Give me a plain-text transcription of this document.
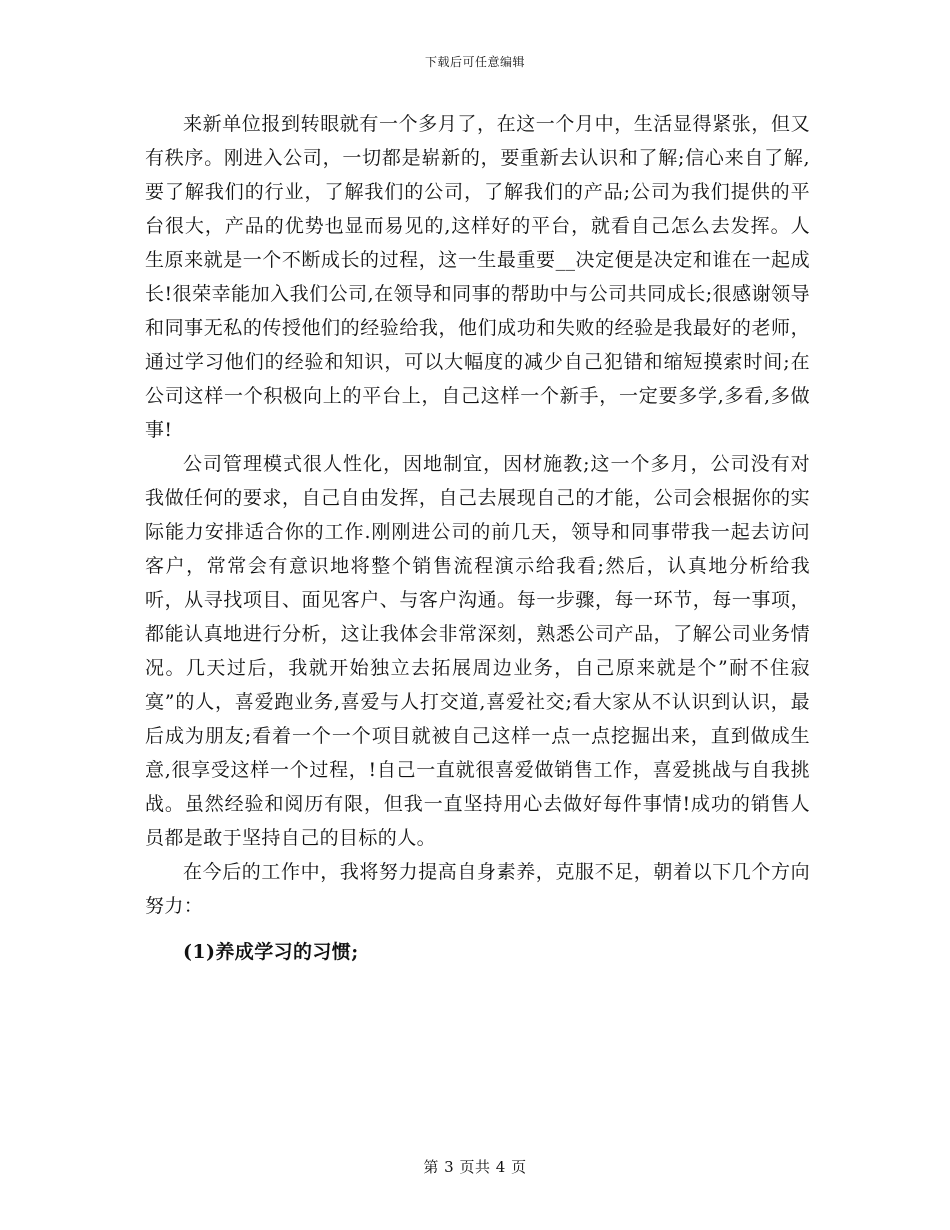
下载后可任意编辑

来新单位报到转眼就有一个多月了，在这一个月中，生活显得紧张，但又有秩序。刚进入公司，一切都是崭新的，要重新去认识和了解;信心来自了解,要了解我们的行业，了解我们的公司，了解我们的产品;公司为我们提供的平台很大，产品的优势也显而易见的,这样好的平台，就看自己怎么去发挥。人生原来就是一个不断成长的过程，这一生最重要__决定便是决定和谁在一起成长!很荣幸能加入我们公司,在领导和同事的帮助中与公司共同成长;很感谢领导和同事无私的传授他们的经验给我，他们成功和失败的经验是我最好的老师，通过学习他们的经验和知识，可以大幅度的减少自己犯错和缩短摸索时间;在公司这样一个积极向上的平台上，自己这样一个新手，一定要多学,多看,多做事!

公司管理模式很人性化，因地制宜，因材施教;这一个多月，公司没有对我做任何的要求，自己自由发挥，自己去展现自己的才能，公司会根据你的实际能力安排适合你的工作.刚刚进公司的前几天，领导和同事带我一起去访问客户，常常会有意识地将整个销售流程演示给我看;然后，认真地分析给我听，从寻找项目、面见客户、与客户沟通。每一步骤，每一环节，每一事项，都能认真地进行分析，这让我体会非常深刻，熟悉公司产品，了解公司业务情况。几天过后，我就开始独立去拓展周边业务，自己原来就是个”耐不住寂寞”的人，喜爱跑业务,喜爱与人打交道,喜爱社交;看大家从不认识到认识，最后成为朋友;看着一个一个项目就被自己这样一点一点挖掘出来，直到做成生意,很享受这样一个过程，!自己一直就很喜爱做销售工作，喜爱挑战与自我挑战。虽然经验和阅历有限，但我一直坚持用心去做好每件事情!成功的销售人员都是敢于坚持自己的目标的人。

在今后的工作中，我将努力提高自身素养，克服不足，朝着以下几个方向努力：

(1)养成学习的习惯;

第 3 页共 4 页
